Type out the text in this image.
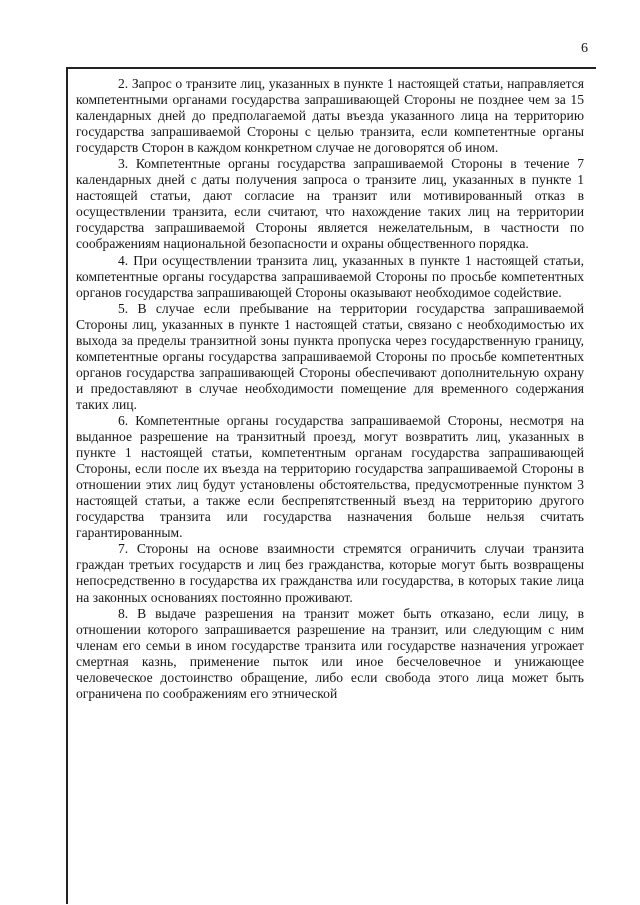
6

2. Запрос о транзите лиц, указанных в пункте 1 настоящей статьи, направляется компетентными органами государства запрашивающей Стороны не позднее чем за 15 календарных дней до предполагаемой даты въезда указанного лица на территорию государства запрашиваемой Стороны с целью транзита, если компетентные органы государств Сторон в каждом конкретном случае не договорятся об ином.

3. Компетентные органы государства запрашиваемой Стороны в течение 7 календарных дней с даты получения запроса о транзите лиц, указанных в пункте 1 настоящей статьи, дают согласие на транзит или мотивированный отказ в осуществлении транзита, если считают, что нахождение таких лиц на территории государства запрашиваемой Стороны является нежелательным, в частности по соображениям национальной безопасности и охраны общественного порядка.

4. При осуществлении транзита лиц, указанных в пункте 1 настоящей статьи, компетентные органы государства запрашиваемой Стороны по просьбе компетентных органов государства запрашивающей Стороны оказывают необходимое содействие.

5. В случае если пребывание на территории государства запрашиваемой Стороны лиц, указанных в пункте 1 настоящей статьи, связано с необходимостью их выхода за пределы транзитной зоны пункта пропуска через государственную границу, компетентные органы государства запрашиваемой Стороны по просьбе компетентных органов государства запрашивающей Стороны обеспечивают дополнительную охрану и предоставляют в случае необходимости помещение для временного содержания таких лиц.

6. Компетентные органы государства запрашиваемой Стороны, несмотря на выданное разрешение на транзитный проезд, могут возвратить лиц, указанных в пункте 1 настоящей статьи, компетентным органам государства запрашивающей Стороны, если после их въезда на территорию государства запрашиваемой Стороны в отношении этих лиц будут установлены обстоятельства, предусмотренные пунктом 3 настоящей статьи, а также если беспрепятственный въезд на территорию другого государства транзита или государства назначения больше нельзя считать гарантированным.

7. Стороны на основе взаимности стремятся ограничить случаи транзита граждан третьих государств и лиц без гражданства, которые могут быть возвращены непосредственно в государства их гражданства или государства, в которых такие лица на законных основаниях постоянно проживают.

8. В выдаче разрешения на транзит может быть отказано, если лицу, в отношении которого запрашивается разрешение на транзит, или следующим с ним членам его семьи в ином государстве транзита или государстве назначения угрожает смертная казнь, применение пыток или иное бесчеловечное и унижающее человеческое достоинство обращение, либо если свобода этого лица может быть ограничена по соображениям его этнической
